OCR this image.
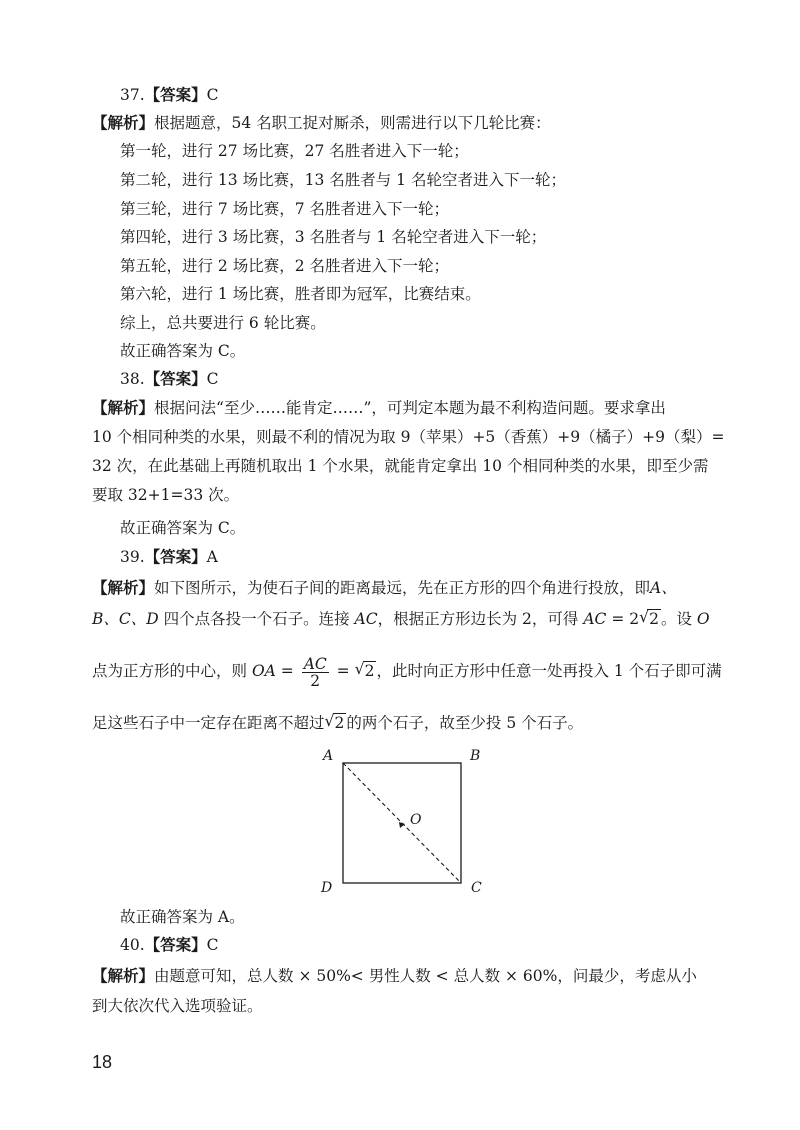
37.【答案】C
【解析】根据题意，54 名职工捉对厮杀，则需进行以下几轮比赛：
第一轮，进行 27 场比赛，27 名胜者进入下一轮；
第二轮，进行 13 场比赛，13 名胜者与 1 名轮空者进入下一轮；
第三轮，进行 7 场比赛，7 名胜者进入下一轮；
第四轮，进行 3 场比赛，3 名胜者与 1 名轮空者进入下一轮；
第五轮，进行 2 场比赛，2 名胜者进入下一轮；
第六轮，进行 1 场比赛，胜者即为冠军，比赛结束。
综上，总共要进行 6 轮比赛。
故正确答案为 C。
38.【答案】C
【解析】根据问法“至少……能肯定……”，可判定本题为最不利构造问题。要求拿出
10 个相同种类的水果，则最不利的情况为取 9（苹果）+5（香蕉）+9（橘子）+9（梨）=
32 次，在此基础上再随机取出 1 个水果，就能肯定拿出 10 个相同种类的水果，即至少需
要取 32+1=33 次。
故正确答案为 C。
39.【答案】A
【解析】如下图所示，为使石子间的距离最远，先在正方形的四个角进行投放，即A、
B、C、D 四个点各投一个石子。连接 AC，根据正方形边长为 2，可得 AC = 2 √ 2 。设 O
点为正方形的中心，则 OA = $\frac{AC}{2}$ = √ 2 ，此时向正方形中任意一处再投入 1 个石子即可满
足这些石子中一定存在距离不超过 √ 2 的两个石子，故至少投 5 个石子。
A	B
C
D
O
故正确答案为 A。
40.【答案】C
【解析】由题意可知，总人数 × 50%< 男性人数 < 总人数 × 60%，问最少，考虑从小
到大依次代入选项验证。
18
